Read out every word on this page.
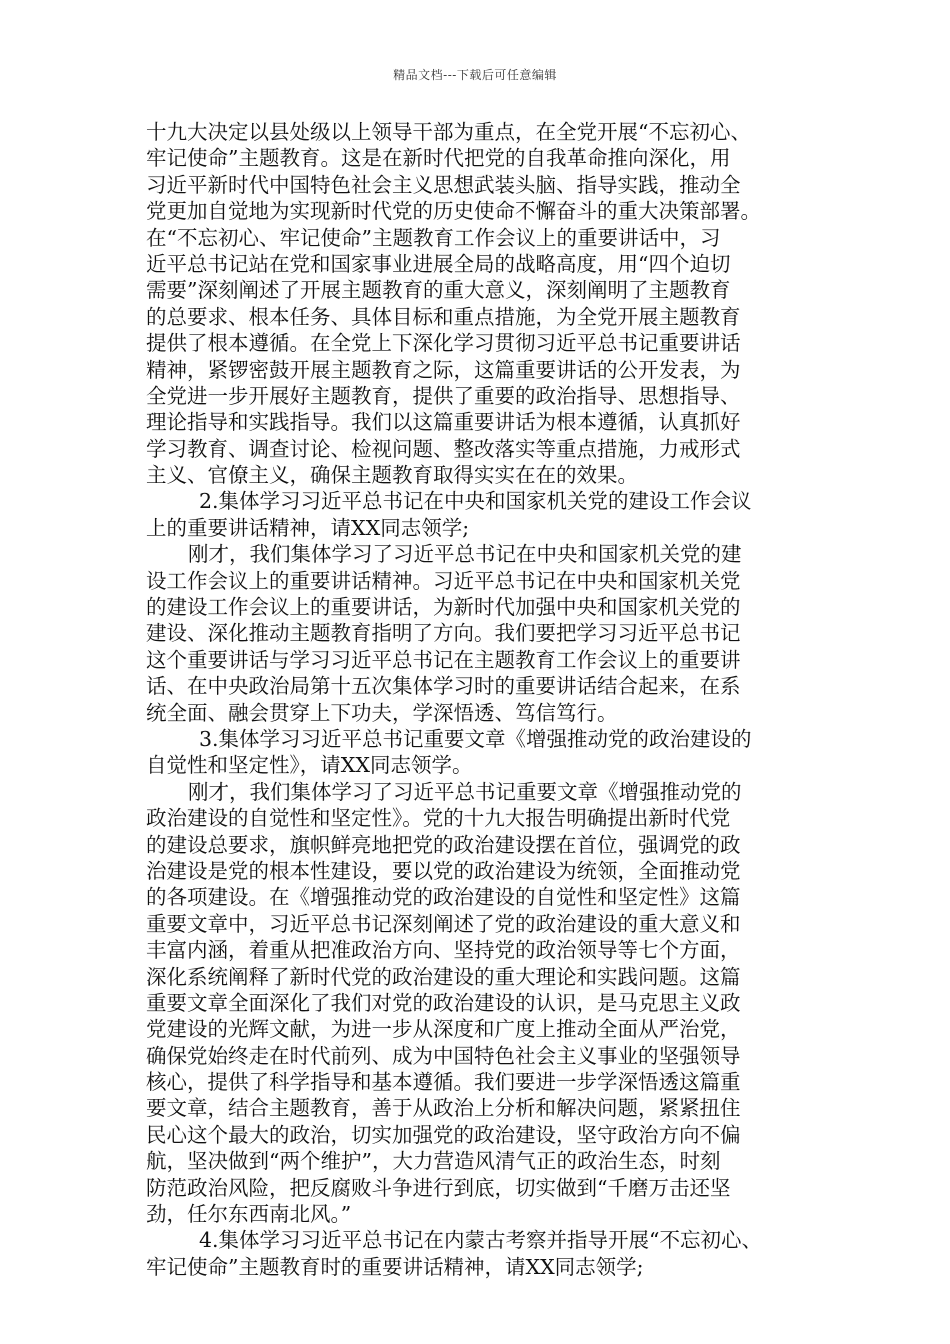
精品文档---下载后可任意编辑
十九大决定以县处级以上领导干部为重点，在全党开展“不忘初心、
牢记使命”主题教育。这是在新时代把党的自我革命推向深化，用
习近平新时代中国特色社会主义思想武装头脑、指导实践，推动全
党更加自觉地为实现新时代党的历史使命不懈奋斗的重大决策部署。
在“不忘初心、牢记使命”主题教育工作会议上的重要讲话中，习
近平总书记站在党和国家事业进展全局的战略高度，用“四个迫切
需要”深刻阐述了开展主题教育的重大意义，深刻阐明了主题教育
的总要求、根本任务、具体目标和重点措施，为全党开展主题教育
提供了根本遵循。在全党上下深化学习贯彻习近平总书记重要讲话
精神，紧锣密鼓开展主题教育之际，这篇重要讲话的公开发表，为
全党进一步开展好主题教育，提供了重要的政治指导、思想指导、
理论指导和实践指导。我们以这篇重要讲话为根本遵循，认真抓好
学习教育、调查讨论、检视问题、整改落实等重点措施，力戒形式
主义、官僚主义，确保主题教育取得实实在在的效果。
2.集体学习习近平总书记在中央和国家机关党的建设工作会议
上的重要讲话精神，请XX同志领学;
刚才，我们集体学习了习近平总书记在中央和国家机关党的建
设工作会议上的重要讲话精神。习近平总书记在中央和国家机关党
的建设工作会议上的重要讲话，为新时代加强中央和国家机关党的
建设、深化推动主题教育指明了方向。我们要把学习习近平总书记
这个重要讲话与学习习近平总书记在主题教育工作会议上的重要讲
话、在中央政治局第十五次集体学习时的重要讲话结合起来，在系
统全面、融会贯穿上下功夫，学深悟透、笃信笃行。
3.集体学习习近平总书记重要文章《增强推动党的政治建设的
自觉性和坚定性》，请XX同志领学。
刚才，我们集体学习了习近平总书记重要文章《增强推动党的
政治建设的自觉性和坚定性》。党的十九大报告明确提出新时代党
的建设总要求，旗帜鲜亮地把党的政治建设摆在首位，强调党的政
治建设是党的根本性建设，要以党的政治建设为统领，全面推动党
的各项建设。在《增强推动党的政治建设的自觉性和坚定性》这篇
重要文章中，习近平总书记深刻阐述了党的政治建设的重大意义和
丰富内涵，着重从把准政治方向、坚持党的政治领导等七个方面，
深化系统阐释了新时代党的政治建设的重大理论和实践问题。这篇
重要文章全面深化了我们对党的政治建设的认识，是马克思主义政
党建设的光辉文献，为进一步从深度和广度上推动全面从严治党，
确保党始终走在时代前列、成为中国特色社会主义事业的坚强领导
核心，提供了科学指导和基本遵循。我们要进一步学深悟透这篇重
要文章，结合主题教育，善于从政治上分析和解决问题，紧紧扭住
民心这个最大的政治，切实加强党的政治建设，坚守政治方向不偏
航，坚决做到“两个维护”，大力营造风清气正的政治生态，时刻
防范政治风险，把反腐败斗争进行到底，切实做到“千磨万击还坚
劲，任尔东西南北风。”
4.集体学习习近平总书记在内蒙古考察并指导开展“不忘初心、
牢记使命”主题教育时的重要讲话精神，请XX同志领学;
